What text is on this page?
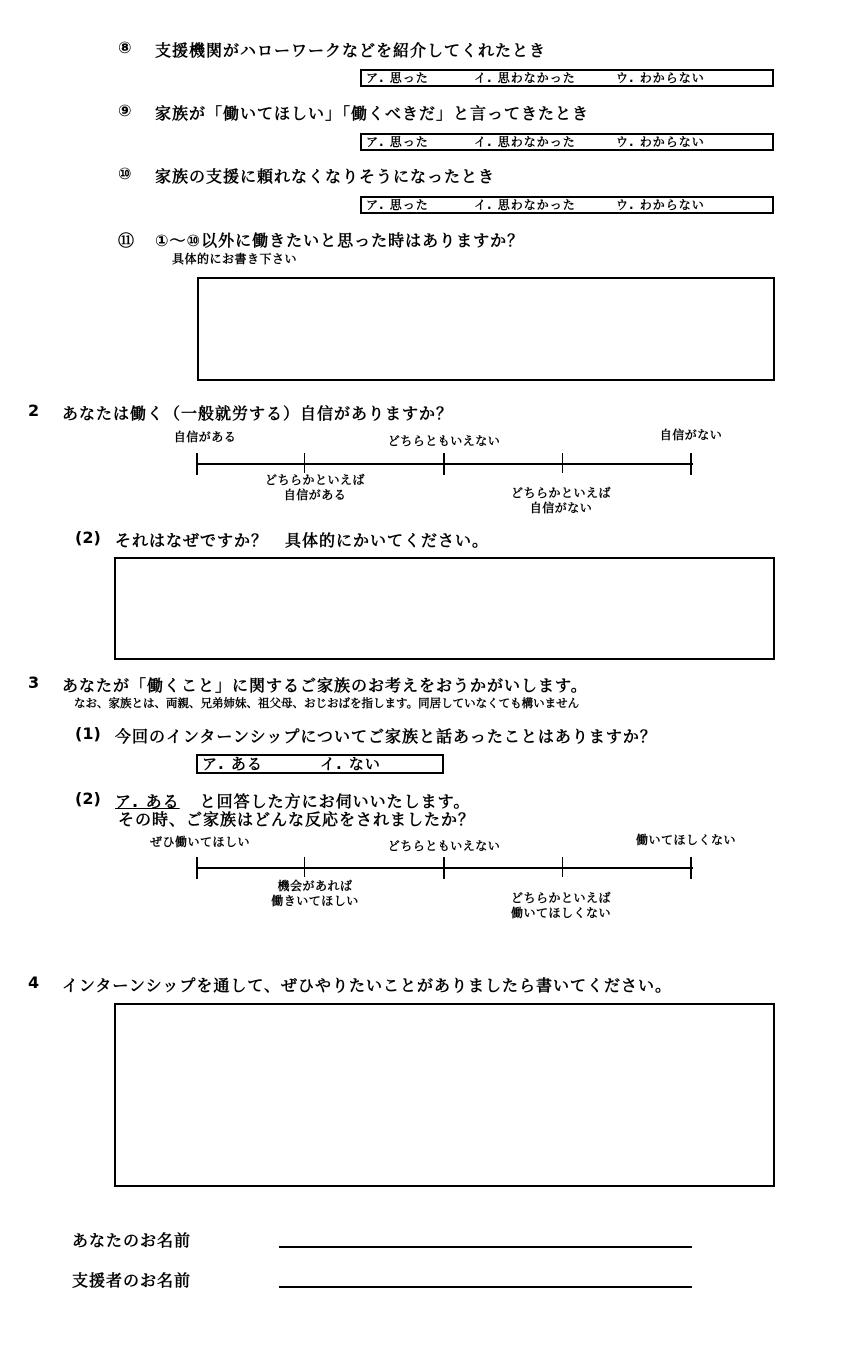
⑧ 支援機関がハローワークなどを紹介してくれたとき
ア. 思った	イ. 思わなかった	ウ. わからない
⑨ 家族が「働いてほしい」「働くべきだ」と言ってきたとき
ア. 思った	イ. 思わなかった	ウ. わからない
⑩ 家族の支援に頼れなくなりそうになったとき
ア. 思った	イ. 思わなかった	ウ. わからない
⑪ ①〜⑩以外に働きたいと思った時はありますか？
具体的にお書き下さい
2 あなたは働く（一般就労する）自信がありますか？
自信がある	どちらともいえない	自信がない
どちらかといえば
自信がある	どちらかといえば
自信がない
(2) それはなぜですか？　具体的にかいてください。
3 あなたが「働くこと」に関するご家族のお考えをおうかがいします。
なお、家族とは、両親、兄弟姉妹、祖父母、おじおばを指します。同居していなくても構いません
(1) 今回のインターンシップについてご家族と話あったことはありますか？
ア. ある	イ. ない
(2) ア. ある と回答した方にお伺いいたします。
その時、ご家族はどんな反応をされましたか？
ぜひ働いてほしい	どちらともいえない	働いてほしくない
機会があれば
働きいてほしい	どちらかといえば
働いてほしくない
4 インターンシップを通して、ぜひやりたいことがありましたら書いてください。
あなたのお名前
支援者のお名前
